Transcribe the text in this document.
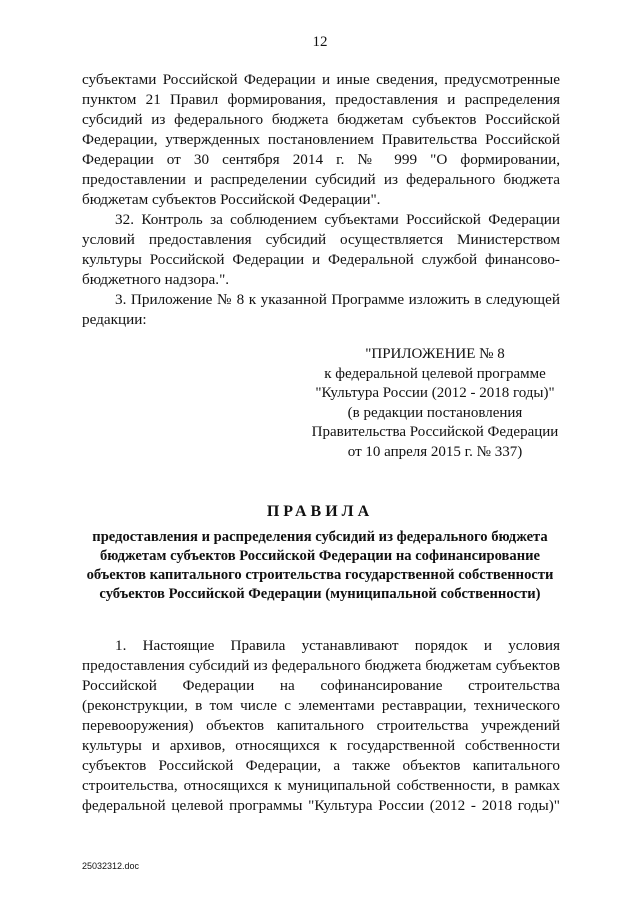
12
субъектами Российской Федерации и иные сведения, предусмотренные
пунктом 21 Правил формирования, предоставления и распределения
субсидий из федерального бюджета бюджетам субъектов Российской
Федерации, утвержденных постановлением Правительства Российской
Федерации от 30 сентября 2014 г. № 999 "О формировании,
предоставлении и распределении субсидий из федерального бюджета
бюджетам субъектов Российской Федерации".
32. Контроль за соблюдением субъектами Российской Федерации
условий предоставления субсидий осуществляется Министерством
культуры Российской Федерации и Федеральной службой финансово-
бюджетного надзора.".
3. Приложение № 8 к указанной Программе изложить в следующей
редакции:
"ПРИЛОЖЕНИЕ № 8
к федеральной целевой программе
"Культура России (2012 - 2018 годы)"
(в редакции постановления
Правительства Российской Федерации
от 10 апреля 2015 г. № 337)
ПРАВИЛА
предоставления и распределения субсидий из федерального бюджета
бюджетам субъектов Российской Федерации на софинансирование
объектов капитального строительства государственной собственности
субъектов Российской Федерации (муниципальной собственности)
1. Настоящие Правила устанавливают порядок и условия
предоставления субсидий из федерального бюджета бюджетам субъектов
Российской Федерации на софинансирование строительства
(реконструкции, в том числе с элементами реставрации, технического
перевооружения) объектов капитального строительства учреждений
культуры и архивов, относящихся к государственной собственности
субъектов Российской Федерации, а также объектов капитального
строительства, относящихся к муниципальной собственности, в рамках
федеральной целевой программы "Культура России (2012 - 2018 годы)"
25032312.doc
